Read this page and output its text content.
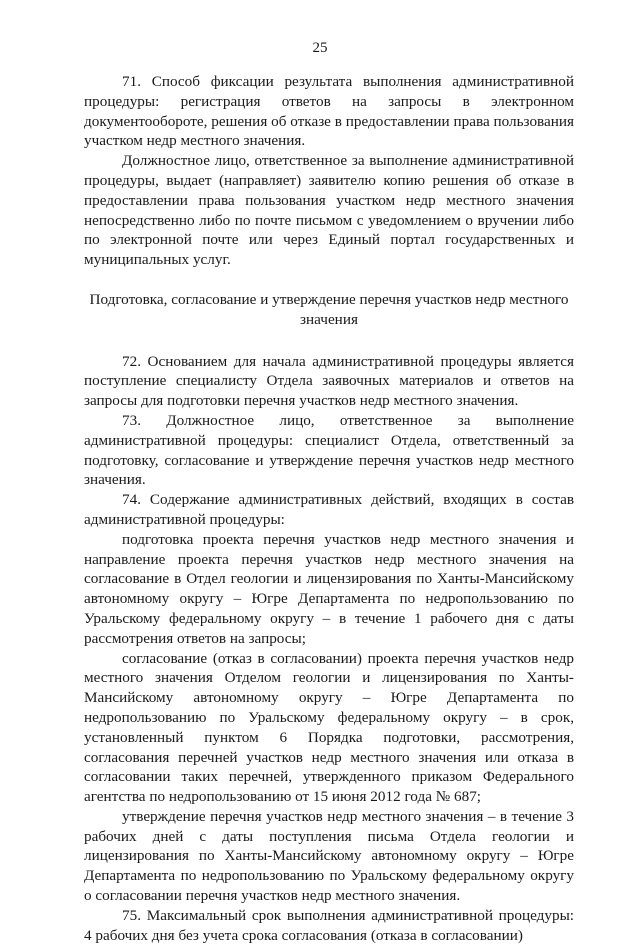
25

71. Способ фиксации результата выполнения административной процедуры: регистрация ответов на запросы в электронном документообороте, решения об отказе в предоставлении права пользования участком недр местного значения.

Должностное лицо, ответственное за выполнение административной процедуры, выдает (направляет) заявителю копию решения об отказе в предоставлении права пользования участком недр местного значения непосредственно либо по почте письмом с уведомлением о вручении либо по электронной почте или через Единый портал государственных и муниципальных услуг.

Подготовка, согласование и утверждение перечня участков недр местного значения

72. Основанием для начала административной процедуры является поступление специалисту Отдела заявочных материалов и ответов на запросы для подготовки перечня участков недр местного значения.

73. Должностное лицо, ответственное за выполнение административной процедуры: специалист Отдела, ответственный за подготовку, согласование и утверждение перечня участков недр местного значения.

74. Содержание административных действий, входящих в состав административной процедуры:

подготовка проекта перечня участков недр местного значения и направление проекта перечня участков недр местного значения на согласование в Отдел геологии и лицензирования по Ханты-Мансийскому автономному округу – Югре Департамента по недропользованию по Уральскому федеральному округу – в течение 1 рабочего дня с даты рассмотрения ответов на запросы;

согласование (отказ в согласовании) проекта перечня участков недр местного значения Отделом геологии и лицензирования по Ханты-Мансийскому автономному округу – Югре Департамента по недропользованию по Уральскому федеральному округу – в срок, установленный пунктом 6 Порядка подготовки, рассмотрения, согласования перечней участков недр местного значения или отказа в согласовании таких перечней, утвержденного приказом Федерального агентства по недропользованию от 15 июня 2012 года № 687;

утверждение перечня участков недр местного значения – в течение 3 рабочих дней с даты поступления письма Отдела геологии и лицензирования по Ханты-Мансийскому автономному округу – Югре Департамента по недропользованию по Уральскому федеральному округу о согласовании перечня участков недр местного значения.

75. Максимальный срок выполнения административной процедуры: 4 рабочих дня без учета срока согласования (отказа в согласовании)
